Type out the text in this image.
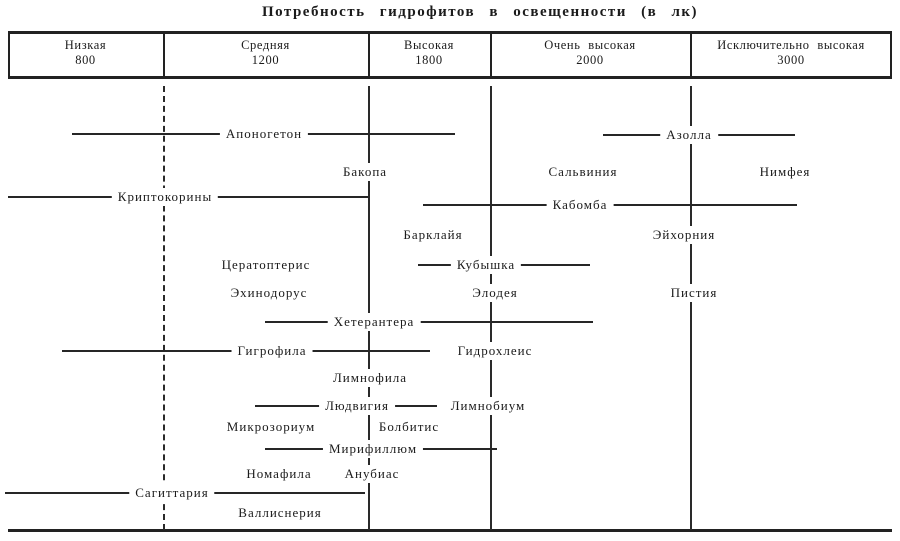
Потребность гидрофитов в освещенности (в лк)
Низкая
800
Средняя
1200
Высокая
1800
Очень высокая
2000
Исключительно высокая
3000
Апоногетон	Азолла
Бакопа	Сальвиния	Нимфея
Криптокорины
Кабомба
Барклайя	Эйхорния
Цератоптерис	Кубышка
Эхинодорус	Элодея	Пистия
Хетерантера
Гигрофила	Гидрохлеис
Лимнофила
Людвигия	Лимнобиум
Микрозориум	Болбитис
Мирифиллюм
Номафила	Анубиас
Сагиттария
Валлиснерия
